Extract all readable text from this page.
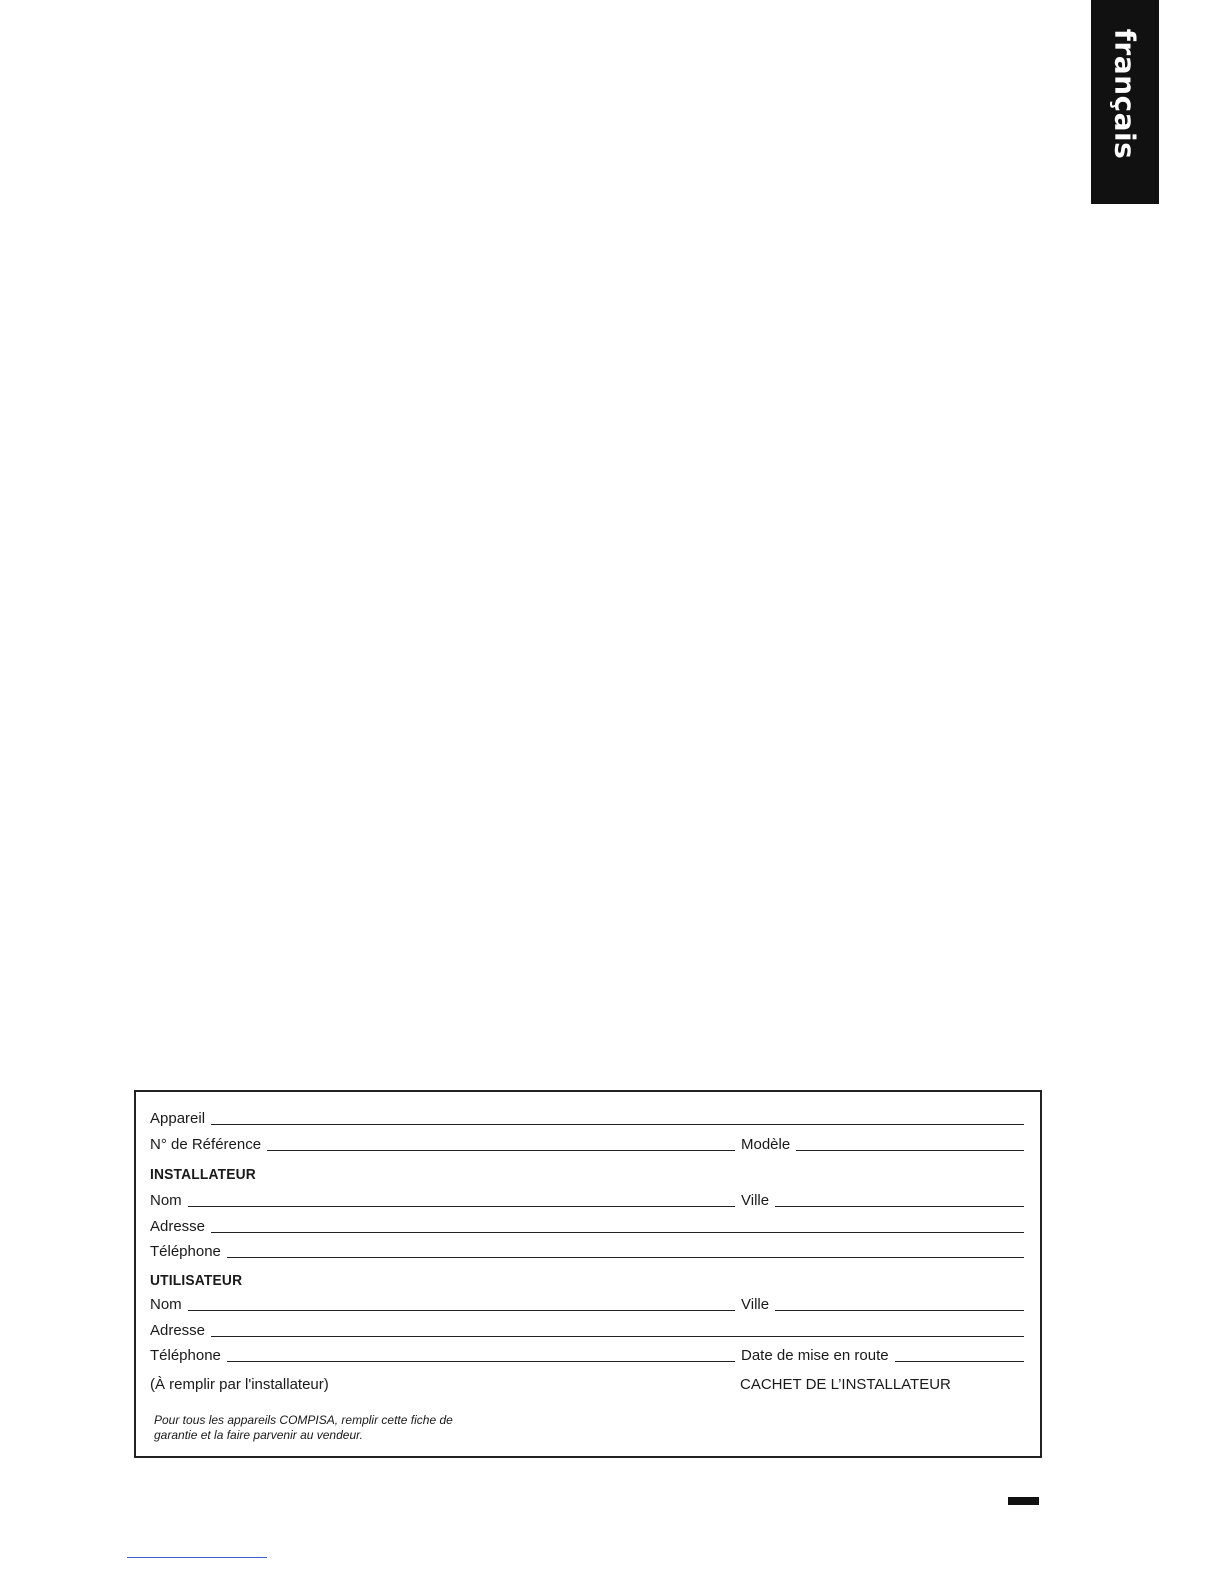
français
Appareil
N° de Référence	Modèle
INSTALLATEUR
Nom	Ville
Adresse
Téléphone
UTILISATEUR
Nom	Ville
Adresse
Téléphone	Date de mise en route
(À remplir par l'installateur)	CACHET DE L’INSTALLATEUR
Pour tous les appareils COMPISA, remplir cette fiche de
garantie et la faire parvenir au vendeur.
